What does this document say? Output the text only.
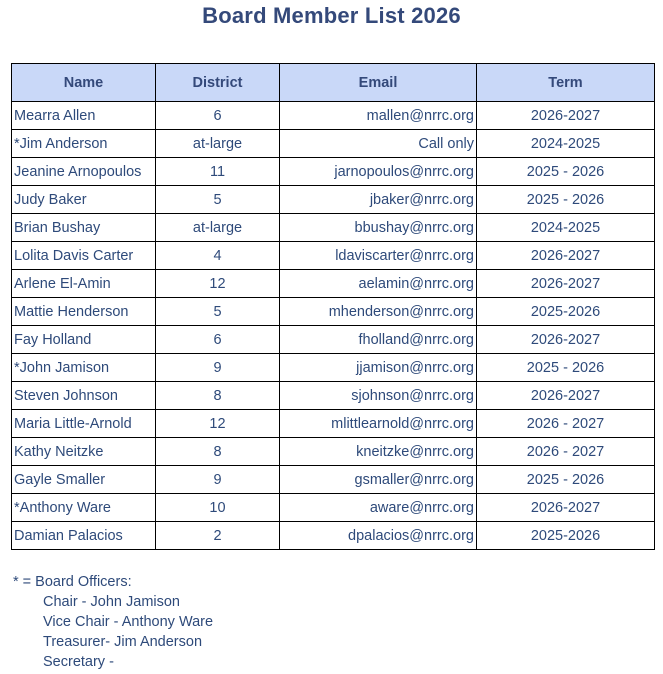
Board Member List 2026
Name	District	Email	Term
Mearra Allen	6	mallen@nrrc.org	2026-2027
*Jim Anderson	at-large	Call only	2024-2025
Jeanine Arnopoulos	11	jarnopoulos@nrrc.org	2025 - 2026
Judy Baker	5	jbaker@nrrc.org	2025 - 2026
Brian Bushay	at-large	bbushay@nrrc.org	2024-2025
Lolita Davis Carter	4	ldaviscarter@nrrc.org	2026-2027
Arlene El-Amin	12	aelamin@nrrc.org	2026-2027
Mattie Henderson	5	mhenderson@nrrc.org	2025-2026
Fay Holland	6	fholland@nrrc.org	2026-2027
*John Jamison	9	jjamison@nrrc.org	2025 - 2026
Steven Johnson	8	sjohnson@nrrc.org	2026-2027
Maria Little-Arnold	12	mlittlearnold@nrrc.org	2026 - 2027
Kathy Neitzke	8	kneitzke@nrrc.org	2026 - 2027
Gayle Smaller	9	gsmaller@nrrc.org	2025 - 2026
*Anthony Ware	10	aware@nrrc.org	2026-2027
Damian Palacios	2	dpalacios@nrrc.org	2025-2026
* = Board Officers:
Chair - John Jamison
Vice Chair - Anthony Ware
Treasurer- Jim Anderson
Secretary -
